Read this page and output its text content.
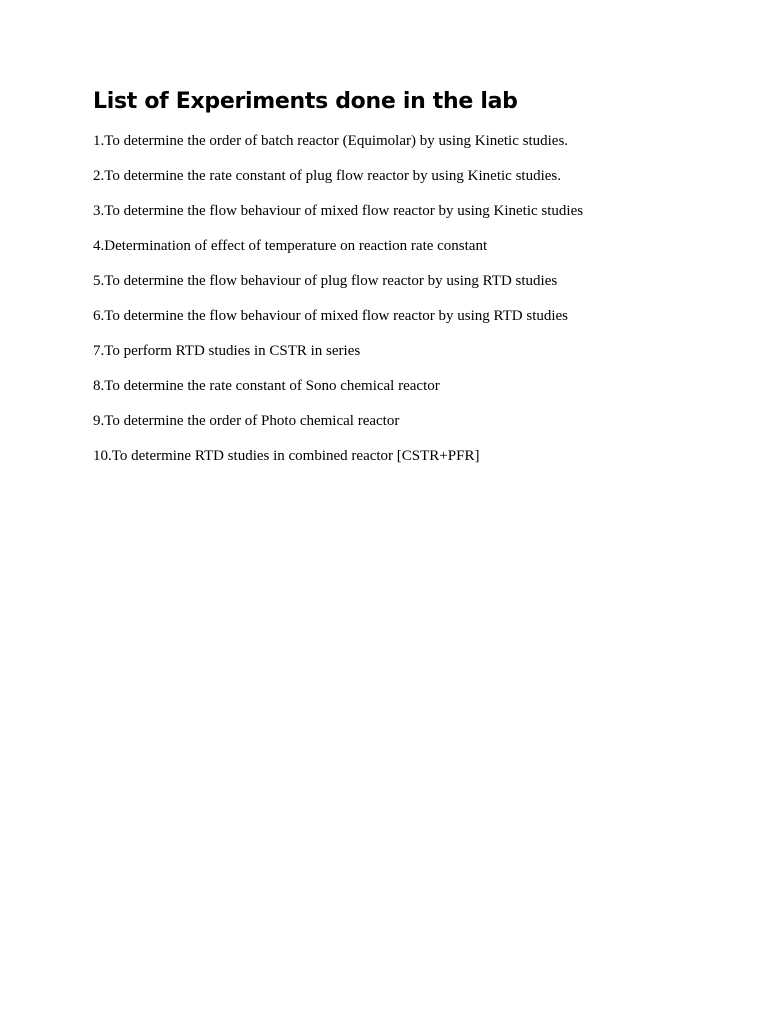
List of Experiments done in the lab

1.To determine the order of batch reactor (Equimolar) by using Kinetic studies.

2.To determine the rate constant of plug flow reactor by using Kinetic studies.

3.To determine the flow behaviour of mixed flow reactor by using Kinetic studies

4.Determination of effect of temperature on reaction rate constant

5.To determine the flow behaviour of plug flow reactor by using RTD studies

6.To determine the flow behaviour of mixed flow reactor by using RTD studies

7.To perform RTD studies in CSTR in series

8.To determine the rate constant of Sono chemical reactor

9.To determine the order of Photo chemical reactor

10.To determine RTD studies in combined reactor [CSTR+PFR]
